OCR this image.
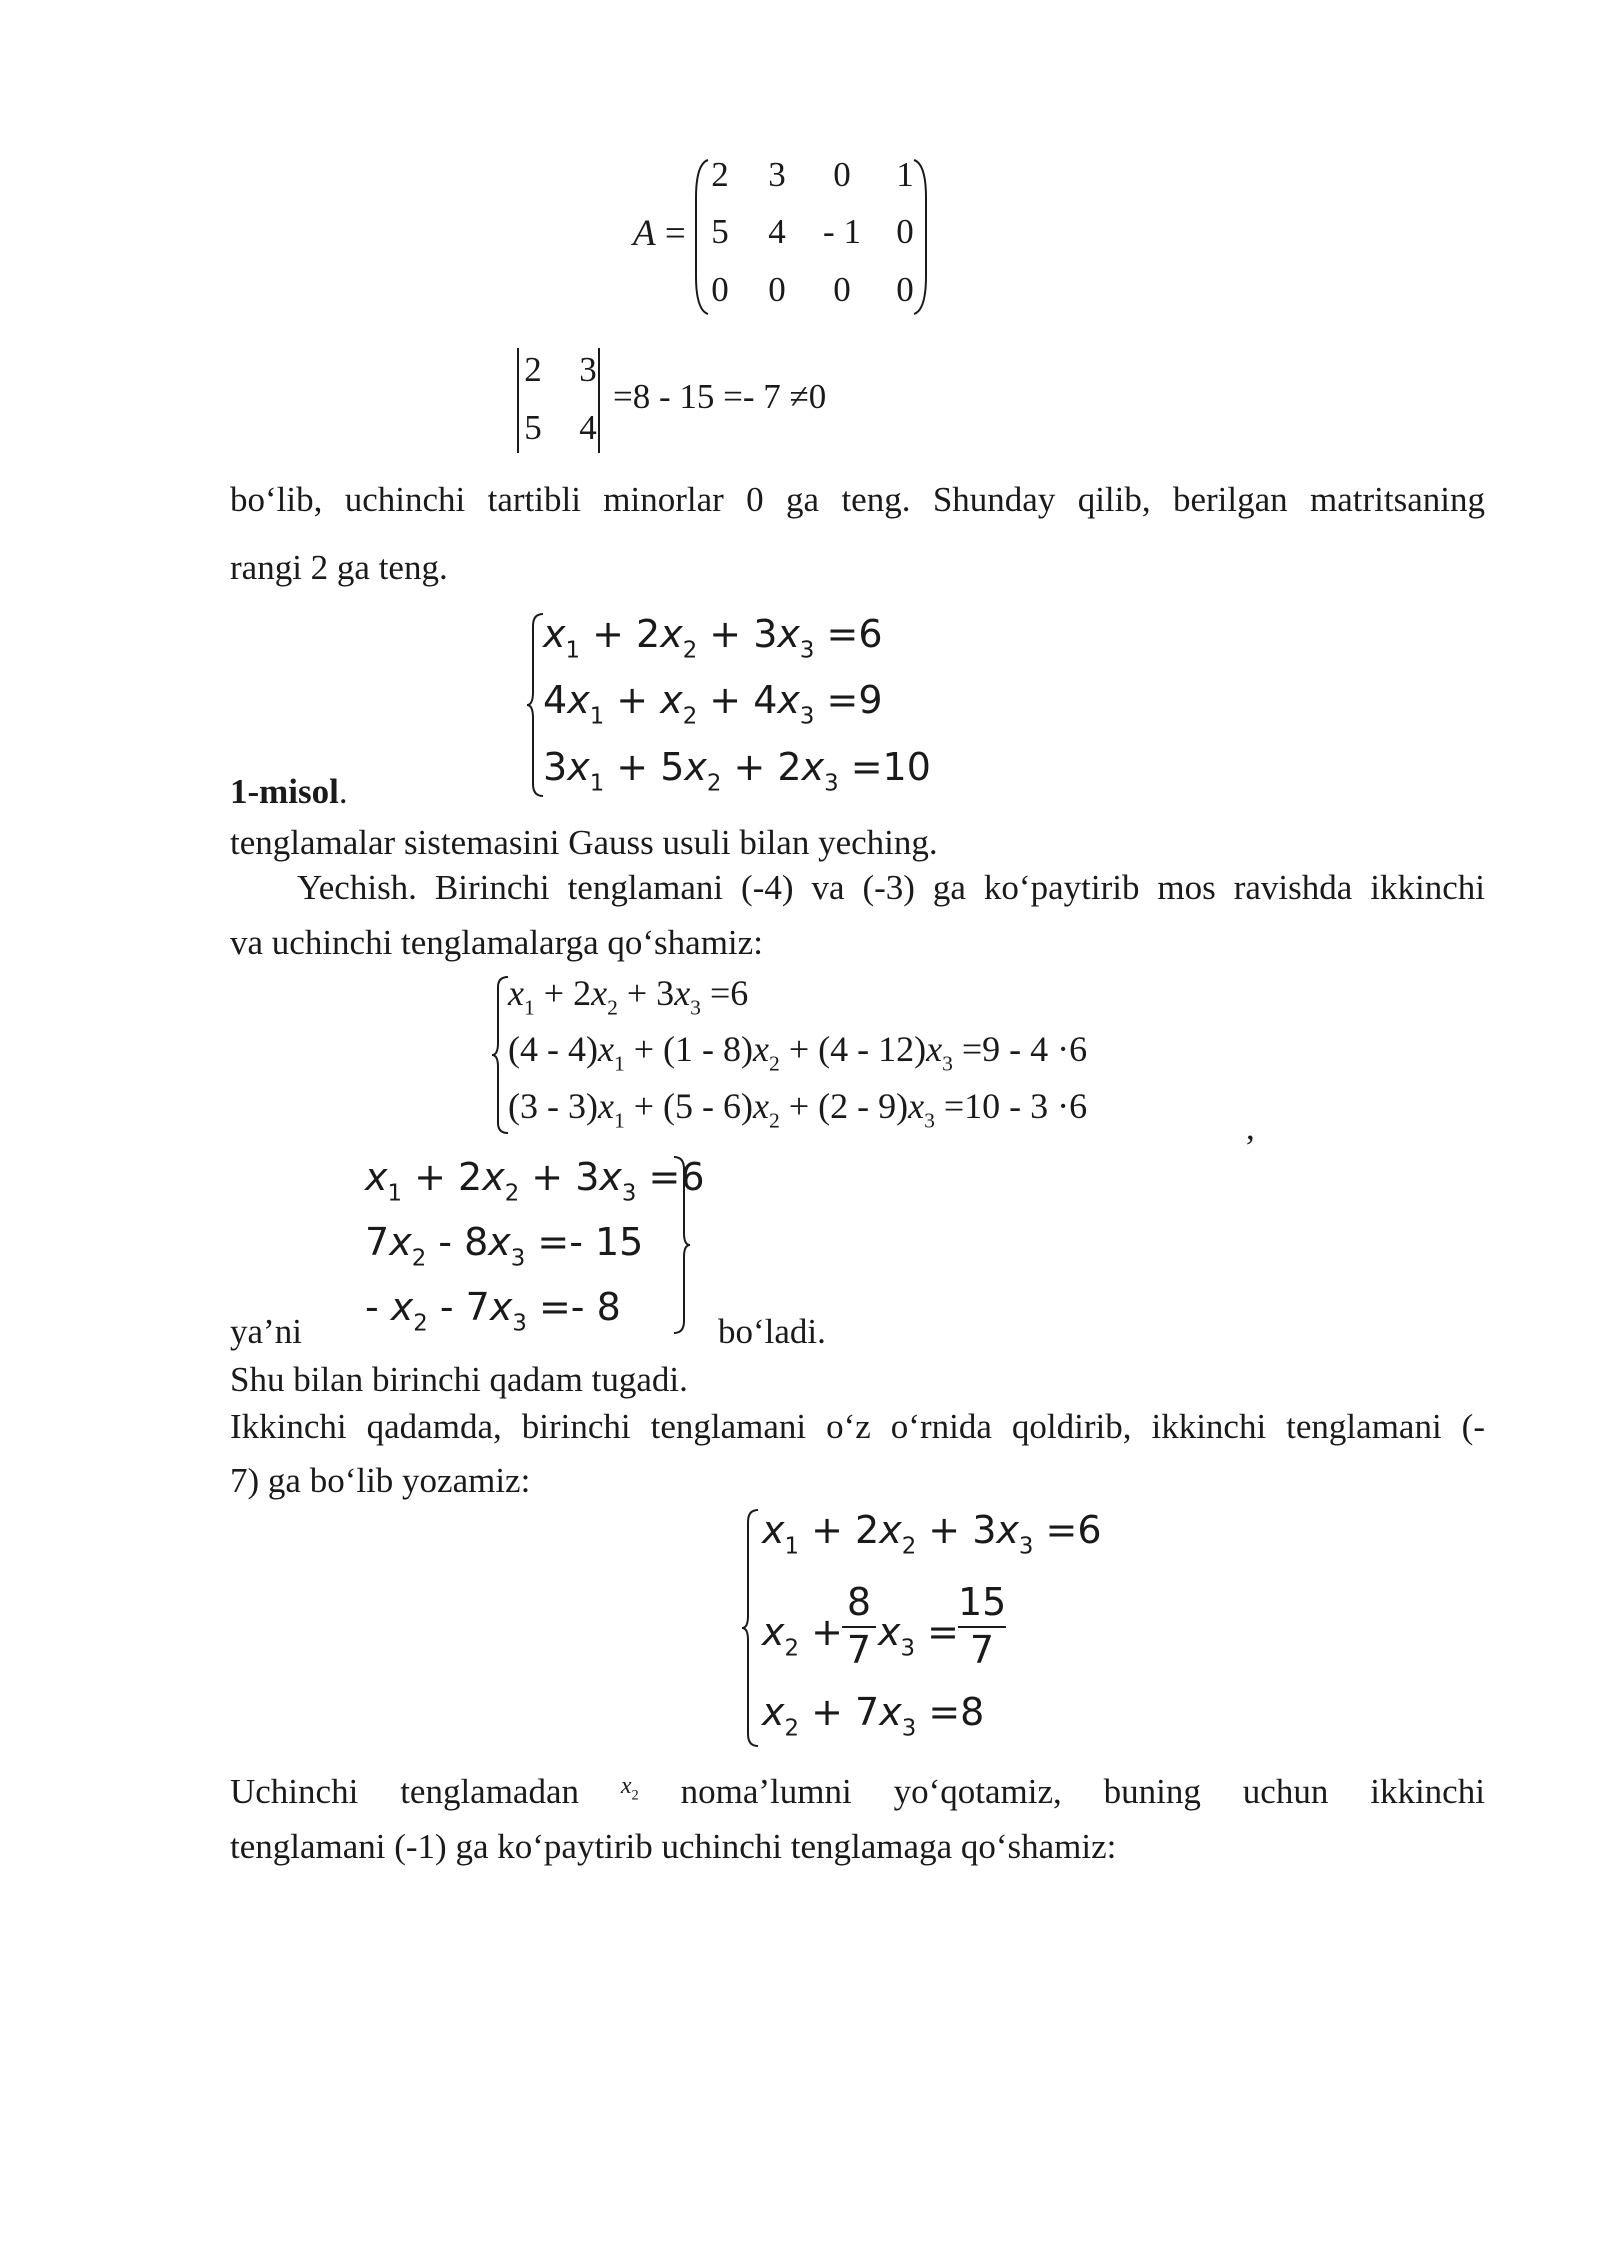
A =
2	3	0	1
5	4	- 1	0
0	0	0	0
2	3
5	4
=8 - 15 =- 7 ≠0
bo‘lib, uchinchi tartibli minorlar 0 ga teng. Shunday qilib, berilgan matritsaning
rangi 2 ga teng.
$x_1 + 2x_2 + 3x_3 =6$
$4x_1 + x_2 + 4x_3 =9$
$3x_1 + 5x_2 + 2x_3 =10$
1-misol.
tenglamalar sistemasini Gauss usuli bilan yeching.
Yechish. Birinchi tenglamani (-4) va (-3) ga ko‘paytirib mos ravishda ikkinchi
va uchinchi tenglamalarga qo‘shamiz:
$x_1 + 2x_2 + 3x_3 =6$
$(4 - 4)x_1 + (1 - 8)x_2 + (4 - 12)x_3 =9 - 4 \cdot 6$
$(3 - 3)x_1 + (5 - 6)x_2 + (2 - 9)x_3 =10 - 3 \cdot 6$
,
$x_1 + 2x_2 + 3x_3 =6$
$7x_2 - 8x_3 =- 15$
- $x_2 - 7x_3 =- 8$
ya’ni	bo‘ladi.
Shu bilan birinchi qadam tugadi.
Ikkinchi qadamda, birinchi tenglamani o‘z o‘rnida qoldirib, ikkinchi tenglamani (-
7) ga bo‘lib yozamiz:
$x_1 + 2x_2 + 3x_3 =6$
$x_2$ +
8
7 $x_3$ =
15
7
$x_2 + 7x_3 =8$
Uchinchi tenglamadan $x_2$ noma’lumni yo‘qotamiz, buning uchun ikkinchi
tenglamani (-1) ga ko‘paytirib uchinchi tenglamaga qo‘shamiz:
